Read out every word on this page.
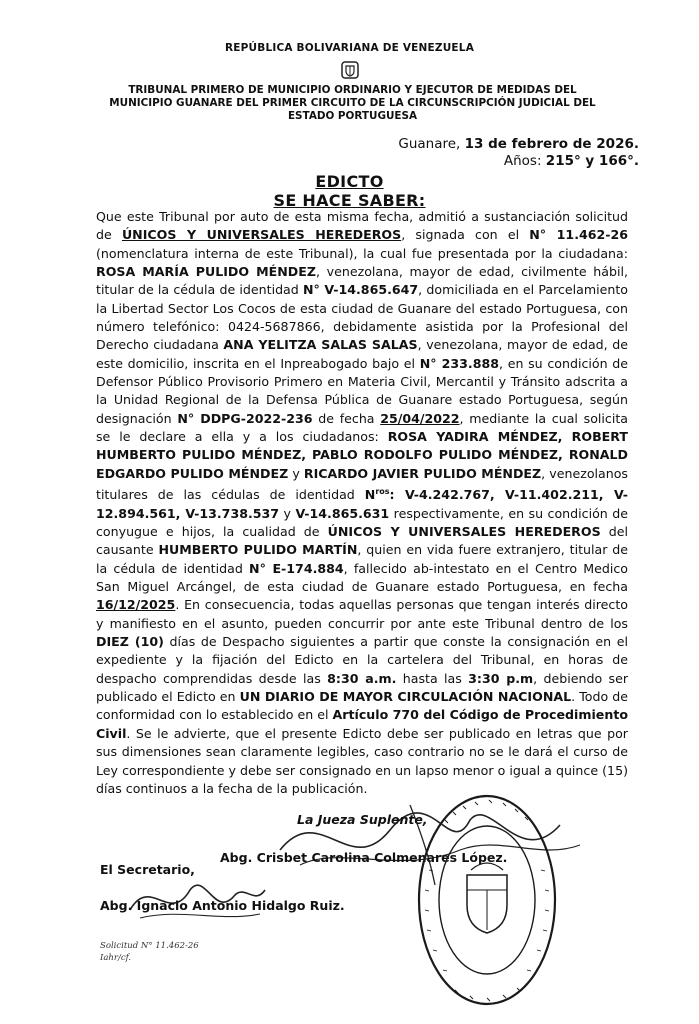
REPÚBLICA BOLIVARIANA DE VENEZUELA
TRIBUNAL PRIMERO DE MUNICIPIO ORDINARIO Y EJECUTOR DE MEDIDAS DEL
MUNICIPIO GUANARE DEL PRIMER CIRCUITO DE LA CIRCUNSCRIPCIÓN JUDICIAL DEL
ESTADO PORTUGUESA
Guanare, 13 de febrero de 2026.
Años: 215° y 166°.
EDICTO
SE HACE SABER:
Que este Tribunal por auto de esta misma fecha, admitió a sustanciación solicitud de ÚNICOS Y UNIVERSALES HEREDEROS, signada con el N° 11.462-26 (nomenclatura interna de este Tribunal), la cual fue presentada por la ciudadana: ROSA MARÍA PULIDO MÉNDEZ, venezolana, mayor de edad, civilmente hábil, titular de la cédula de identidad N° V-14.865.647, domiciliada en el Parcelamiento la Libertad Sector Los Cocos de esta ciudad de Guanare del estado Portuguesa, con número telefónico: 0424-5687866, debidamente asistida por la Profesional del Derecho ciudadana ANA YELITZA SALAS SALAS, venezolana, mayor de edad, de este domicilio, inscrita en el Inpreabogado bajo el N° 233.888, en su condición de Defensor Público Provisorio Primero en Materia Civil, Mercantil y Tránsito adscrita a la Unidad Regional de la Defensa Pública de Guanare estado Portuguesa, según designación N° DDPG-2022-236 de fecha 25/04/2022, mediante la cual solicita se le declare a ella y a los ciudadanos: ROSA YADIRA MÉNDEZ, ROBERT HUMBERTO PULIDO MÉNDEZ, PABLO RODOLFO PULIDO MÉNDEZ, RONALD EDGARDO PULIDO MÉNDEZ y RICARDO JAVIER PULIDO MÉNDEZ, venezolanos titulares de las cédulas de identidad $N^{ros}$: V-4.242.767, V-11.402.211, V-12.894.561, V-13.738.537 y V-14.865.631 respectivamente, en su condición de conyugue e hijos, la cualidad de ÚNICOS Y UNIVERSALES HEREDEROS del causante HUMBERTO PULIDO MARTÍN, quien en vida fuere extranjero, titular de la cédula de identidad N° E-174.884, fallecido ab-intestato en el Centro Medico San Miguel Arcángel, de esta ciudad de Guanare estado Portuguesa, en fecha 16/12/2025. En consecuencia, todas aquellas personas que tengan interés directo y manifiesto en el asunto, pueden concurrir por ante este Tribunal dentro de los DIEZ (10) días de Despacho siguientes a partir que conste la consignación en el expediente y la fijación del Edicto en la cartelera del Tribunal, en horas de despacho comprendidas desde las 8:30 a.m. hasta las 3:30 p.m, debiendo ser publicado el Edicto en UN DIARIO DE MAYOR CIRCULACIÓN NACIONAL. Todo de conformidad con lo establecido en el Artículo 770 del Código de Procedimiento Civil. Se le advierte, que el presente Edicto debe ser publicado en letras que por sus dimensiones sean claramente legibles, caso contrario no se le dará el curso de Ley correspondiente y debe ser consignado en un lapso menor o igual a quince (15) días continuos a la fecha de la publicación.
La Jueza Suplente,
Abg. Crisbet Carolina Colmenares López.
El Secretario,
Abg. Ignacio Antonio Hidalgo Ruiz.
Solicitud N° 11.462-26
Iahr/cf.
